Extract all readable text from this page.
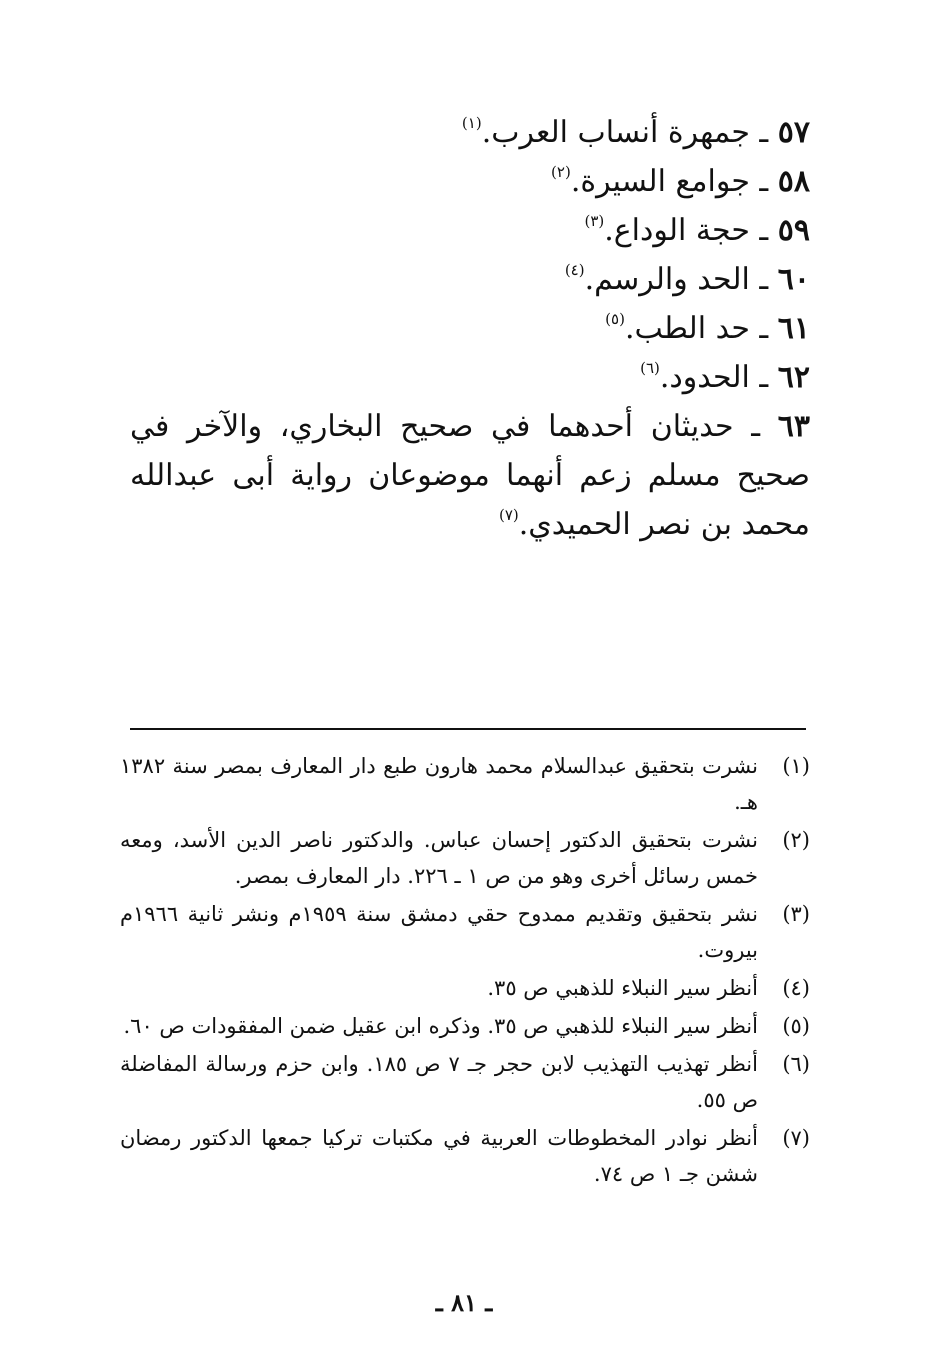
٥٧ ـ جمهرة أنساب العرب.$^{(١)}$
٥٨ ـ جوامع السيرة.$^{(٢)}$
٥٩ ـ حجة الوداع.$^{(٣)}$
٦٠ ـ الحد والرسم.$^{(٤)}$
٦١ ـ حد الطب.$^{(٥)}$
٦٢ ـ الحدود.$^{(٦)}$
٦٣ ـ حديثان أحدهما في صحيح البخاري، والآخر في صحيح مسلم زعم أنهما موضوعان رواية أبى عبدالله محمد بن نصر الحميدي.$^{(٧)}$
(١)
نشرت بتحقيق عبدالسلام محمد هارون طبع دار المعارف بمصر سنة ١٣٨٢ هـ.
(٢)
نشرت بتحقيق الدكتور إحسان عباس. والدكتور ناصر الدين الأسد، ومعه خمس رسائل أخرى وهو من ص ١ ـ ٢٢٦. دار المعارف بمصر.
(٣)
نشر بتحقيق وتقديم ممدوح حقي دمشق سنة ١٩٥٩م ونشر ثانية ١٩٦٦م بيروت.
(٤)
أنظر سير النبلاء للذهبي ص ٣٥.
(٥)
أنظر سير النبلاء للذهبي ص ٣٥. وذكره ابن عقيل ضمن المفقودات ص ٦٠.
(٦)
أنظر تهذيب التهذيب لابن حجر جـ ٧ ص ١٨٥. وابن حزم ورسالة المفاضلة ص ٥٥.
(٧)
أنظر نوادر المخطوطات العربية في مكتبات تركيا جمعها الدكتور رمضان ششن جـ ١ ص ٧٤.
ـ ٨١ ـ
